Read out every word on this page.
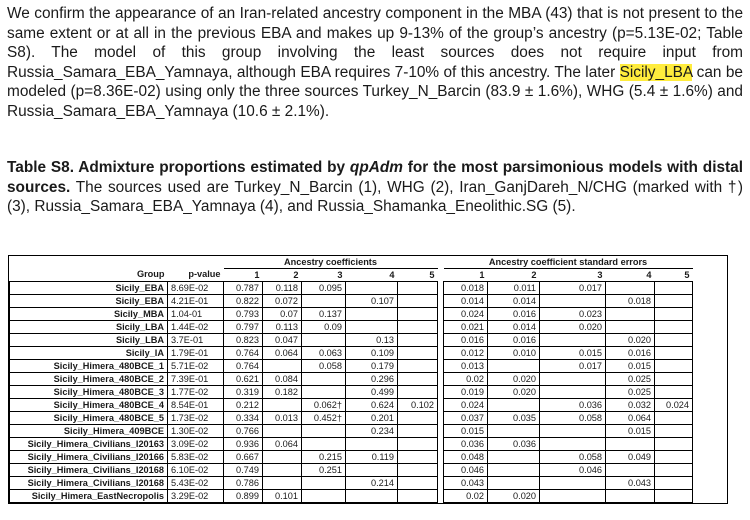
We confirm the appearance of an Iran-related ancestry component in the MBA (43) that is not present to the same extent or at all in the previous EBA and makes up 9-13% of the group’s ancestry (p=5.13E-02; Table S8). The model of this group involving the least sources does not require input from Russia_Samara_EBA_Yamnaya, although EBA requires 7-10% of this ancestry. The later Sicily_LBA can be modeled (p=8.36E-02) using only the three sources Turkey_N_Barcin (83.9 ± 1.6%), WHG (5.4 ± 1.6%) and Russia_Samara_EBA_Yamnaya (10.6 ± 2.1%).

Table S8. Admixture proportions estimated by qpAdm for the most parsimonious models with distal sources. The sources used are Turkey_N_Barcin (1), WHG (2), Iran_GanjDareh_N/CHG (marked with †) (3), Russia_Samara_EBA_Yamnaya (4), and Russia_Shamanka_Eneolithic.SG (5).

		Ancestry coefficients						Ancestry coefficient standard errors					
Group	p-value	1	2	3	4	5		1	2	3	4	5	
Sicily_EBA	8.69E-02	0.787	0.118	0.095				0.018	0.011	0.017			
Sicily_EBA	4.21E-01	0.822	0.072		0.107			0.014	0.014		0.018		
Sicily_MBA	1.04-01	0.793	0.07	0.137				0.024	0.016	0.023			
Sicily_LBA	1.44E-02	0.797	0.113	0.09				0.021	0.014	0.020			
Sicily_LBA	3.7E-01	0.823	0.047		0.13			0.016	0.016		0.020		
Sicily_IA	1.79E-01	0.764	0.064	0.063	0.109			0.012	0.010	0.015	0.016		
Sicily_Himera_480BCE_1	5.71E-02	0.764		0.058	0.179			0.013		0.017	0.015		
Sicily_Himera_480BCE_2	7.39E-01	0.621	0.084		0.296			0.02	0.020		0.025		
Sicily_Himera_480BCE_3	1.77E-02	0.319	0.182		0.499			0.019	0.020		0.025		
Sicily_Himera_480BCE_4	8.54E-01	0.212		0.062†	0.624	0.102		0.024		0.036	0.032	0.024	
Sicily_Himera_480BCE_5	1.73E-02	0.334	0.013	0.452†	0.201			0.037	0.035	0.058	0.064		
Sicily_Himera_409BCE	1.30E-02	0.766			0.234			0.015			0.015		
Sicily_Himera_Civilians_I20163	3.09E-02	0.936	0.064					0.036	0.036				
Sicily_Himera_Civilians_I20166	5.83E-02	0.667		0.215	0.119			0.048		0.058	0.049		
Sicily_Himera_Civilians_I20168	6.10E-02	0.749		0.251				0.046		0.046			
Sicily_Himera_Civilians_I20168	5.43E-02	0.786			0.214			0.043			0.043		
Sicily_Himera_EastNecropolis	3.29E-02	0.899	0.101					0.02	0.020				
